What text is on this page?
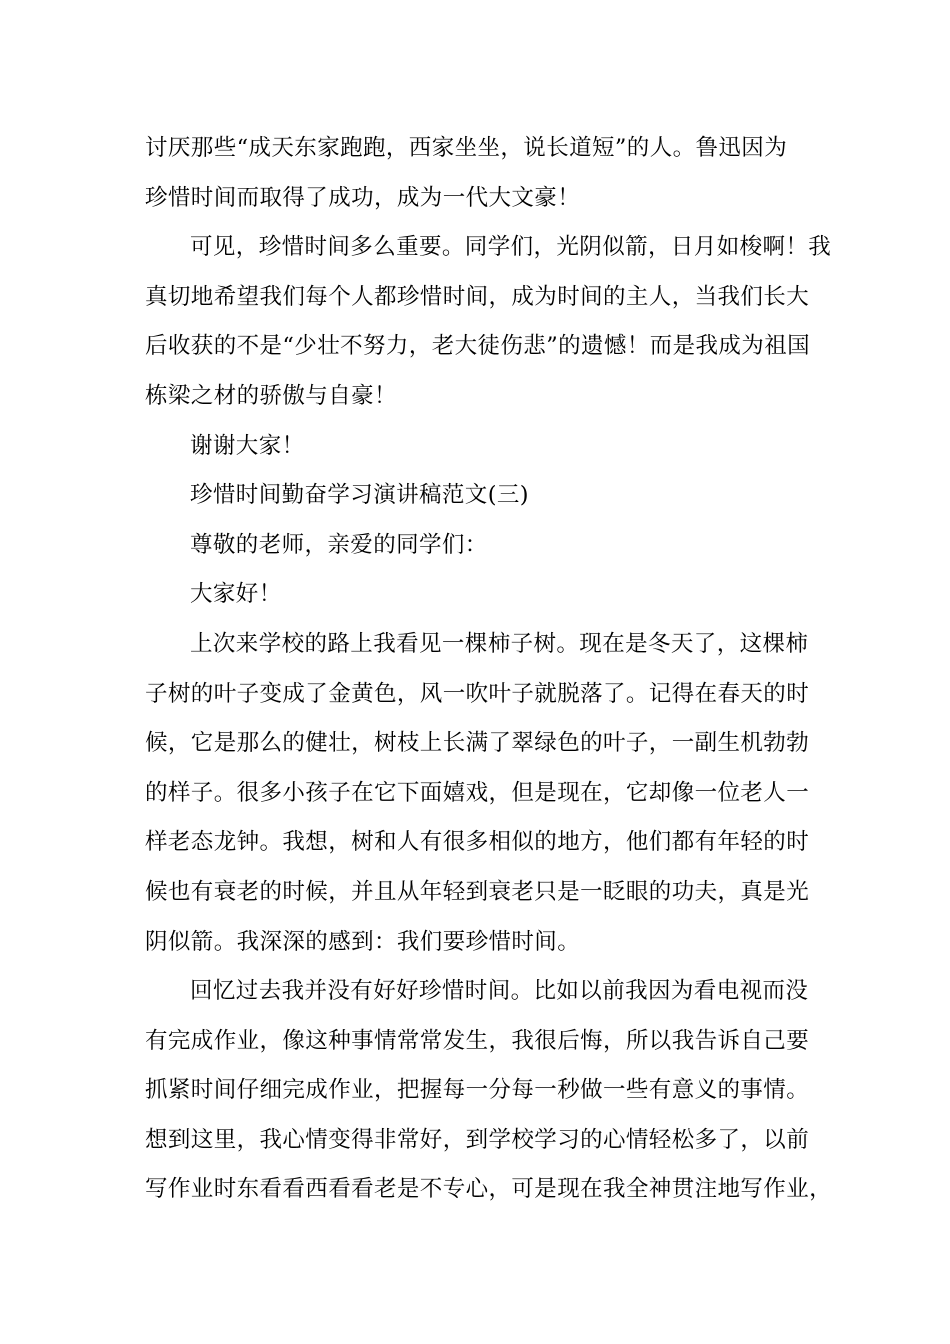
讨厌那些“成天东家跑跑，西家坐坐，说长道短”的人。鲁迅因为
珍惜时间而取得了成功，成为一代大文豪！
可见，珍惜时间多么重要。同学们，光阴似箭，日月如梭啊！我
真切地希望我们每个人都珍惜时间，成为时间的主人，当我们长大
后收获的不是“少壮不努力，老大徒伤悲”的遗憾！而是我成为祖国
栋梁之材的骄傲与自豪！
谢谢大家！
珍惜时间勤奋学习演讲稿范文(三)
尊敬的老师，亲爱的同学们：
大家好！
上次来学校的路上我看见一棵柿子树。现在是冬天了，这棵柿
子树的叶子变成了金黄色，风一吹叶子就脱落了。记得在春天的时
候，它是那么的健壮，树枝上长满了翠绿色的叶子，一副生机勃勃
的样子。很多小孩子在它下面嬉戏，但是现在，它却像一位老人一
样老态龙钟。我想，树和人有很多相似的地方，他们都有年轻的时
候也有衰老的时候，并且从年轻到衰老只是一眨眼的功夫，真是光
阴似箭。我深深的感到：我们要珍惜时间。
回忆过去我并没有好好珍惜时间。比如以前我因为看电视而没
有完成作业，像这种事情常常发生，我很后悔，所以我告诉自己要
抓紧时间仔细完成作业，把握每一分每一秒做一些有意义的事情。
想到这里，我心情变得非常好，到学校学习的心情轻松多了，以前
写作业时东看看西看看老是不专心，可是现在我全神贯注地写作业，
